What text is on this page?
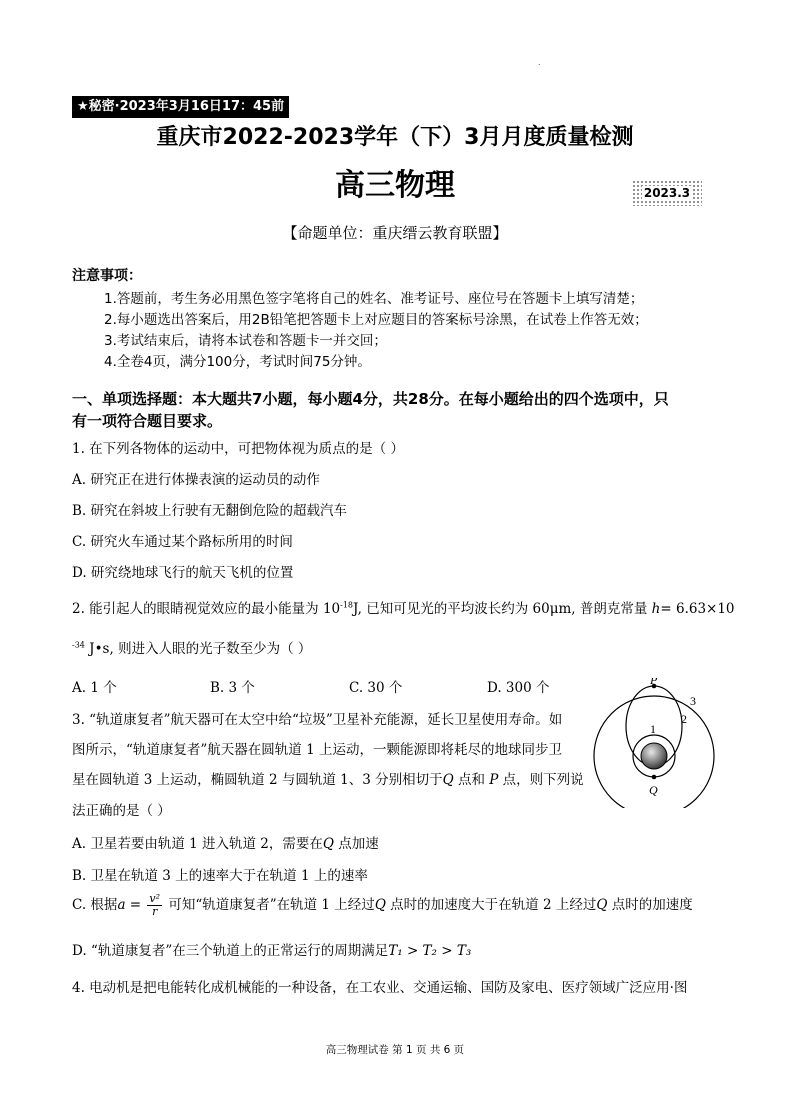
.
★秘密·2023年3月16日17：45前
重庆市2022-2023学年（下）3月月度质量检测
高三物理	2023.3
【命题单位：重庆缙云教育联盟】
注意事项：
1.答题前，考生务必用黑色签字笔将自己的姓名、准考证号、座位号在答题卡上填写清楚；
2.每小题选出答案后，用2B铅笔把答题卡上对应题目的答案标号涂黑，在试卷上作答无效；
3.考试结束后，请将本试卷和答题卡一并交回；
4.全卷4页，满分100分，考试时间75分钟。
一、单项选择题：本大题共7小题，每小题4分，共28分。在每小题给出的四个选项中，只
有一项符合题目要求。
1. 在下列各物体的运动中，可把物体视为质点的是（ ）
A. 研究正在进行体操表演的运动员的动作
B. 研究在斜坡上行驶有无翻倒危险的超载汽车
C. 研究火车通过某个路标所用的时间
D. 研究绕地球飞行的航天飞机的位置
2. 能引起人的眼睛视觉效应的最小能量为 $10^{-18}J$, 已知可见光的平均波长约为 60μm, 普朗克常量 h= 6.63×10
$^{-34}$ J•s, 则进入人眼的光子数至少为（ ）
A. 1 个	B. 3 个	C. 30 个	D. 300 个
3. “轨道康复者”航天器可在太空中给“垃圾”卫星补充能源，延长卫星使用寿命。如
图所示，“轨道康复者”航天器在圆轨道 1 上运动，一颗能源即将耗尽的地球同步卫
星在圆轨道 3 上运动，椭圆轨道 2 与圆轨道 1、3 分别相切于Q 点和 P 点，则下列说
法正确的是（ ）
A. 卫星若要由轨道 1 进入轨道 2，需要在Q 点加速
B. 卫星在轨道 3 上的速率大于在轨道 1 上的速率
C. 根据$a = \frac{\text{v²}}{r}$ 可知“轨道康复者”在轨道 1 上经过Q 点时的加速度大于在轨道 2 上经过Q 点时的加速度
D. “轨道康复者”在三个轨道上的正常运行的周期满足T₁ > T₂ > T₃
P
Q
1
2
3
4. 电动机是把电能转化成机械能的一种设备，在工农业、交通运输、国防及家电、医疗领域广泛应用·图
高三物理试卷 第 1 页 共 6 页
